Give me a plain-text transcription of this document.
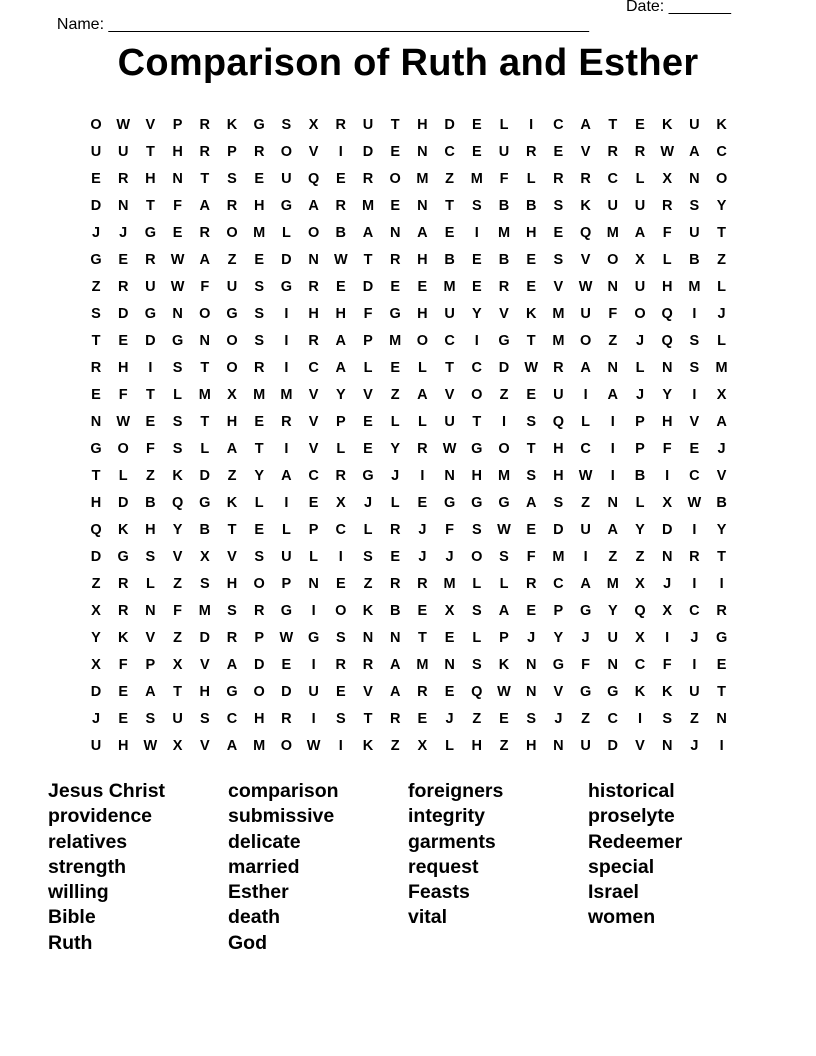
Name: ______________________________________________________

Date: _______

Comparison of Ruth and Esther
O	W	V	P	R	K	G	S	X	R	U	T	H	D	E	L	I	C	A	T	E	K	U	K
U	U	T	H	R	P	R	O	V	I	D	E	N	C	E	U	R	E	V	R	R	W	A	C
E	R	H	N	T	S	E	U	Q	E	R	O	M	Z	M	F	L	R	R	C	L	X	N	O
D	N	T	F	A	R	H	G	A	R	M	E	N	T	S	B	B	S	K	U	U	R	S	Y
J	J	G	E	R	O	M	L	O	B	A	N	A	E	I	M	H	E	Q	M	A	F	U	T
G	E	R	W	A	Z	E	D	N	W	T	R	H	B	E	B	E	S	V	O	X	L	B	Z
Z	R	U	W	F	U	S	G	R	E	D	E	E	M	E	R	E	V	W	N	U	H	M	L
S	D	G	N	O	G	S	I	H	H	F	G	H	U	Y	V	K	M	U	F	O	Q	I	J
T	E	D	G	N	O	S	I	R	A	P	M	O	C	I	G	T	M	O	Z	J	Q	S	L
R	H	I	S	T	O	R	I	C	A	L	E	L	T	C	D	W	R	A	N	L	N	S	M
E	F	T	L	M	X	M	M	V	Y	V	Z	A	V	O	Z	E	U	I	A	J	Y	I	X
N	W	E	S	T	H	E	R	V	P	E	L	L	U	T	I	S	Q	L	I	P	H	V	A
G	O	F	S	L	A	T	I	V	L	E	Y	R	W	G	O	T	H	C	I	P	F	E	J
T	L	Z	K	D	Z	Y	A	C	R	G	J	I	N	H	M	S	H	W	I	B	I	C	V
H	D	B	Q	G	K	L	I	E	X	J	L	E	G	G	G	A	S	Z	N	L	X	W	B
Q	K	H	Y	B	T	E	L	P	C	L	R	J	F	S	W	E	D	U	A	Y	D	I	Y
D	G	S	V	X	V	S	U	L	I	S	E	J	J	O	S	F	M	I	Z	Z	N	R	T
Z	R	L	Z	S	H	O	P	N	E	Z	R	R	M	L	L	R	C	A	M	X	J	I	I
X	R	N	F	M	S	R	G	I	O	K	B	E	X	S	A	E	P	G	Y	Q	X	C	R
Y	K	V	Z	D	R	P	W	G	S	N	N	T	E	L	P	J	Y	J	U	X	I	J	G
X	F	P	X	V	A	D	E	I	R	R	A	M	N	S	K	N	G	F	N	C	F	I	E
D	E	A	T	H	G	O	D	U	E	V	A	R	E	Q	W	N	V	G	G	K	K	U	T
J	E	S	U	S	C	H	R	I	S	T	R	E	J	Z	E	S	J	Z	C	I	S	Z	N
U	H	W	X	V	A	M	O	W	I	K	Z	X	L	H	Z	H	N	U	D	V	N	J	I
Jesus Christ
providence
relatives
strength
willing
Bible
Ruth
comparison
submissive
delicate
married
Esther
death
God
foreigners
integrity
garments
request
Feasts
vital
historical
proselyte
Redeemer
special
Israel
women
